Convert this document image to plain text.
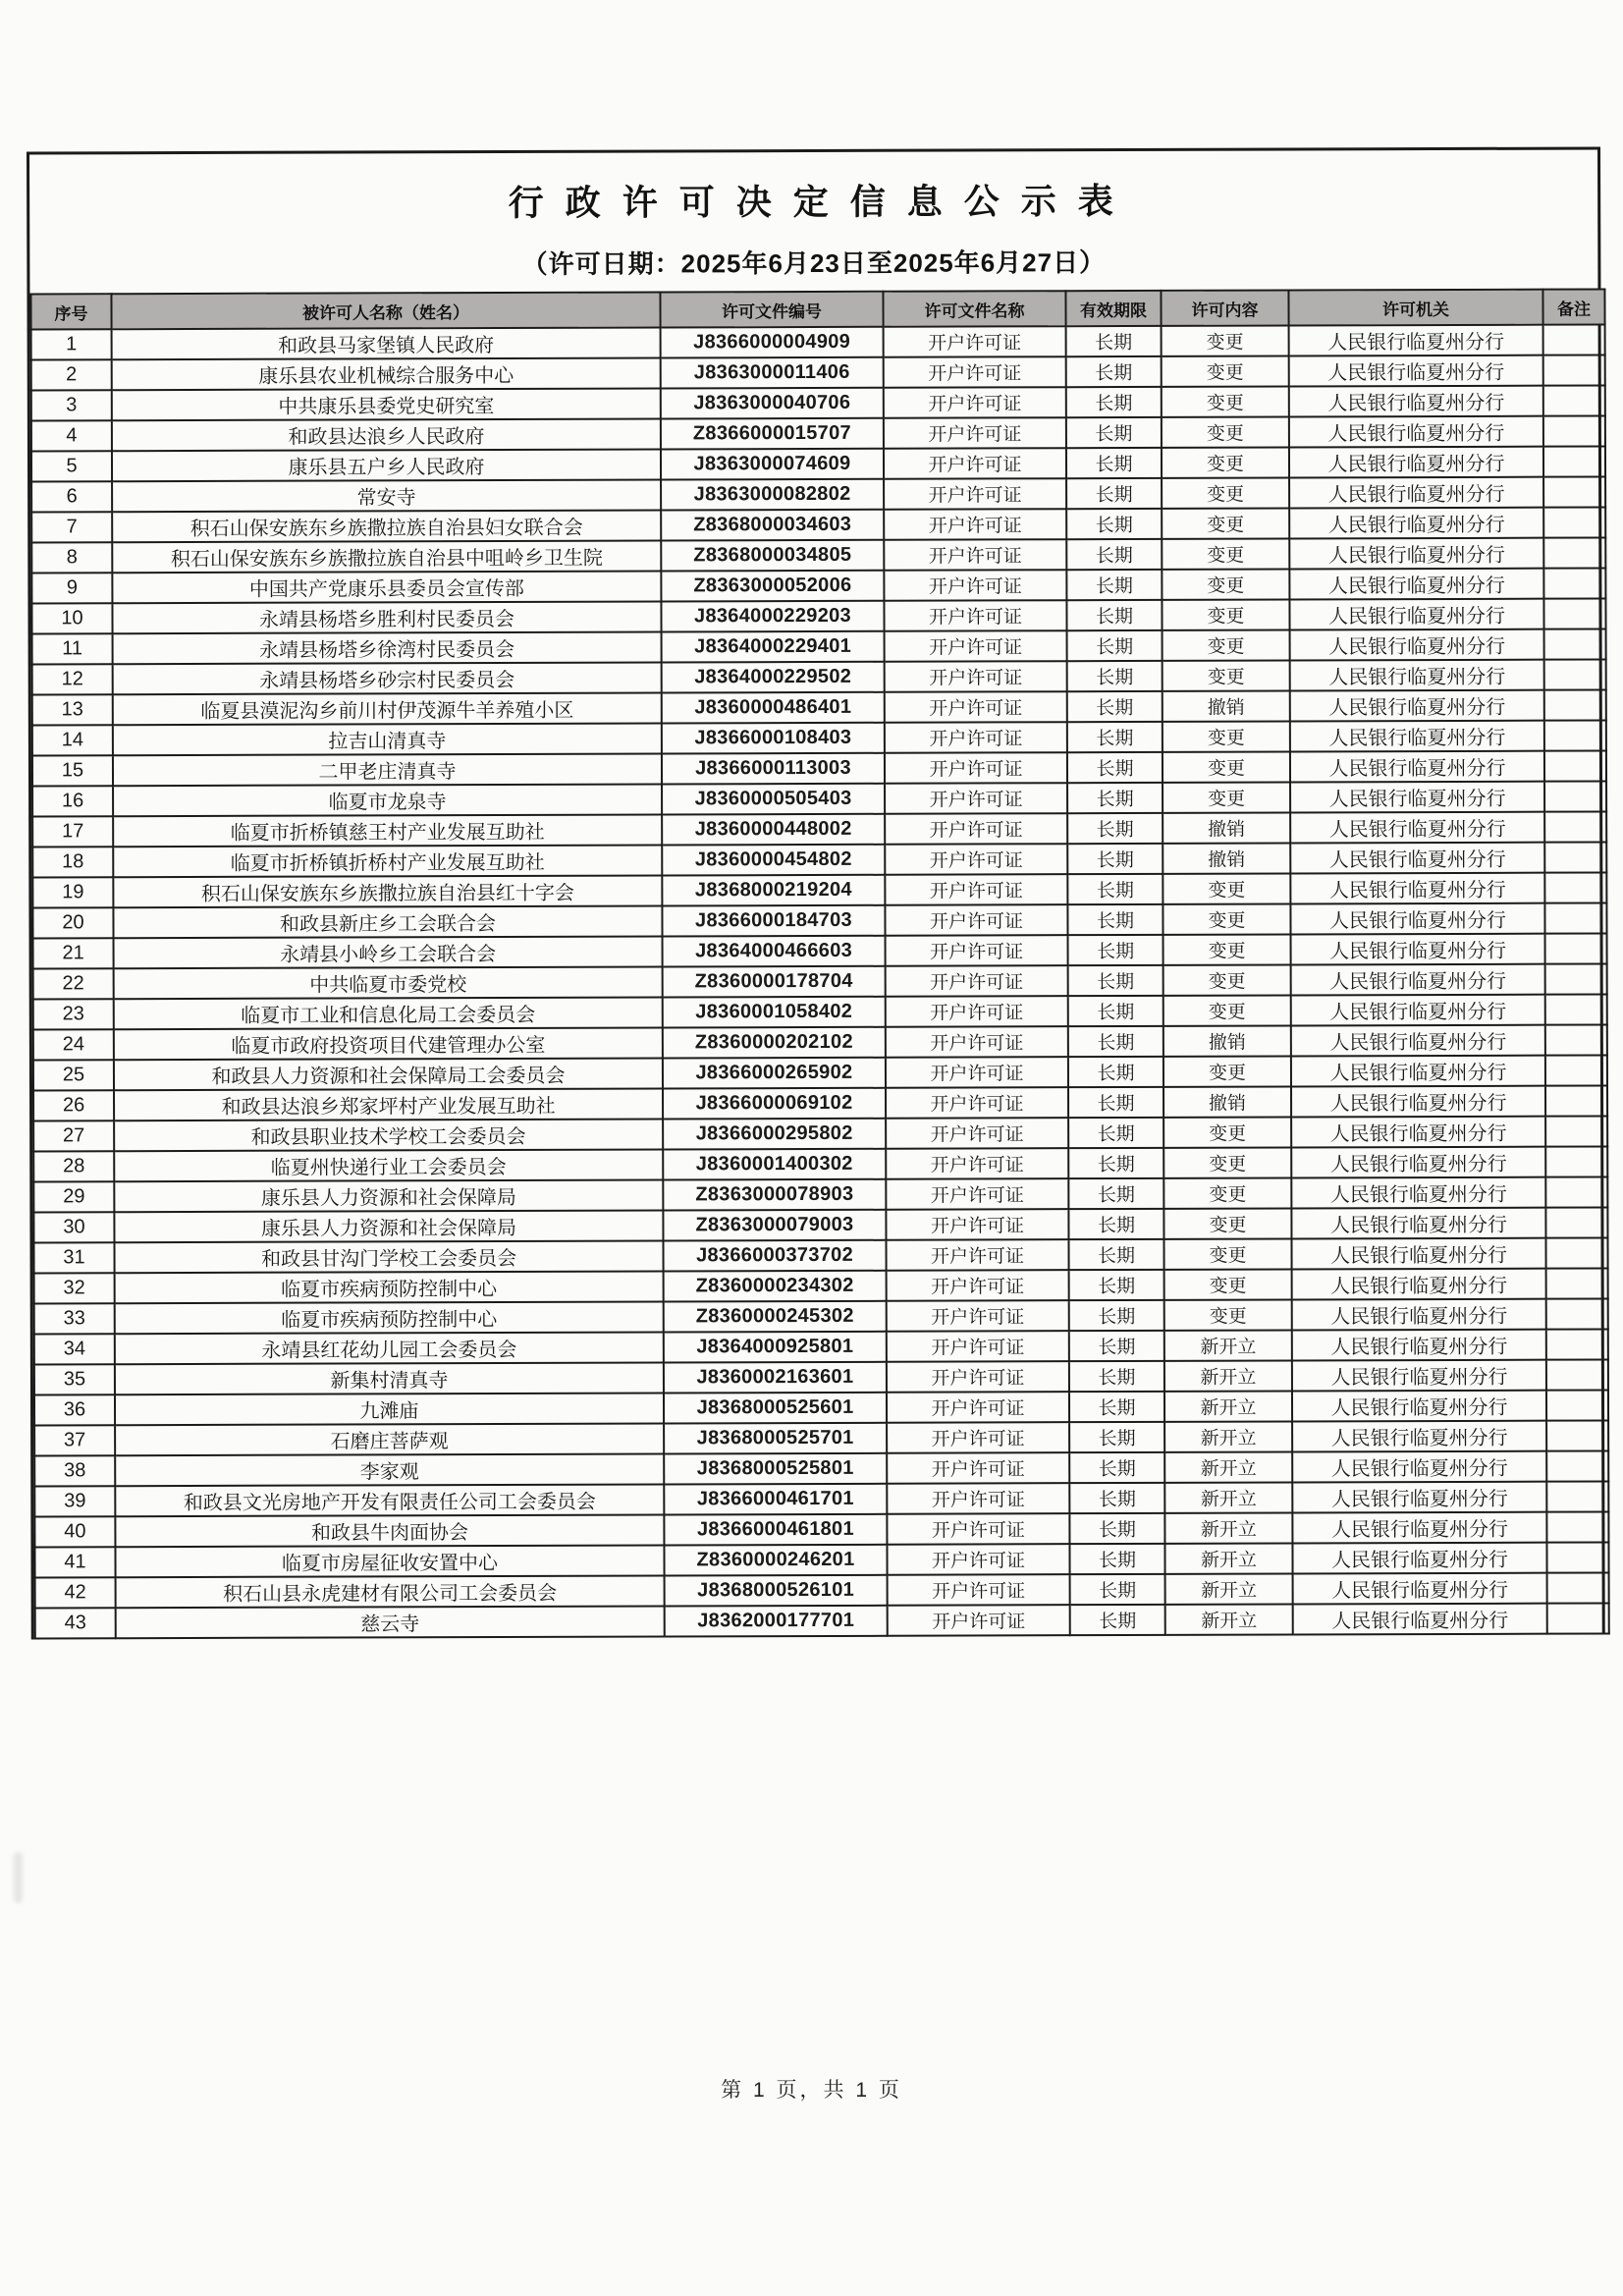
行 政 许 可 决 定 信 息 公 示 表
（许可日期：2025年6月23日至2025年6月27日）
序号	被许可人名称（姓名）	许可文件编号	许可文件名称	有效期限	许可内容	许可机关	备注
1	和政县马家堡镇人民政府	J8366000004909	开户许可证	长期	变更	人民银行临夏州分行	
2	康乐县农业机械综合服务中心	J8363000011406	开户许可证	长期	变更	人民银行临夏州分行	
3	中共康乐县委党史研究室	J8363000040706	开户许可证	长期	变更	人民银行临夏州分行	
4	和政县达浪乡人民政府	Z8366000015707	开户许可证	长期	变更	人民银行临夏州分行	
5	康乐县五户乡人民政府	J8363000074609	开户许可证	长期	变更	人民银行临夏州分行	
6	常安寺	J8363000082802	开户许可证	长期	变更	人民银行临夏州分行	
7	积石山保安族东乡族撒拉族自治县妇女联合会	Z8368000034603	开户许可证	长期	变更	人民银行临夏州分行	
8	积石山保安族东乡族撒拉族自治县中咀岭乡卫生院	Z8368000034805	开户许可证	长期	变更	人民银行临夏州分行	
9	中国共产党康乐县委员会宣传部	Z8363000052006	开户许可证	长期	变更	人民银行临夏州分行	
10	永靖县杨塔乡胜利村民委员会	J8364000229203	开户许可证	长期	变更	人民银行临夏州分行	
11	永靖县杨塔乡徐湾村民委员会	J8364000229401	开户许可证	长期	变更	人民银行临夏州分行	
12	永靖县杨塔乡砂宗村民委员会	J8364000229502	开户许可证	长期	变更	人民银行临夏州分行	
13	临夏县漠泥沟乡前川村伊茂源牛羊养殖小区	J8360000486401	开户许可证	长期	撤销	人民银行临夏州分行	
14	拉吉山清真寺	J8366000108403	开户许可证	长期	变更	人民银行临夏州分行	
15	二甲老庄清真寺	J8366000113003	开户许可证	长期	变更	人民银行临夏州分行	
16	临夏市龙泉寺	J8360000505403	开户许可证	长期	变更	人民银行临夏州分行	
17	临夏市折桥镇慈王村产业发展互助社	J8360000448002	开户许可证	长期	撤销	人民银行临夏州分行	
18	临夏市折桥镇折桥村产业发展互助社	J8360000454802	开户许可证	长期	撤销	人民银行临夏州分行	
19	积石山保安族东乡族撒拉族自治县红十字会	J8368000219204	开户许可证	长期	变更	人民银行临夏州分行	
20	和政县新庄乡工会联合会	J8366000184703	开户许可证	长期	变更	人民银行临夏州分行	
21	永靖县小岭乡工会联合会	J8364000466603	开户许可证	长期	变更	人民银行临夏州分行	
22	中共临夏市委党校	Z8360000178704	开户许可证	长期	变更	人民银行临夏州分行	
23	临夏市工业和信息化局工会委员会	J8360001058402	开户许可证	长期	变更	人民银行临夏州分行	
24	临夏市政府投资项目代建管理办公室	Z8360000202102	开户许可证	长期	撤销	人民银行临夏州分行	
25	和政县人力资源和社会保障局工会委员会	J8366000265902	开户许可证	长期	变更	人民银行临夏州分行	
26	和政县达浪乡郑家坪村产业发展互助社	J8366000069102	开户许可证	长期	撤销	人民银行临夏州分行	
27	和政县职业技术学校工会委员会	J8366000295802	开户许可证	长期	变更	人民银行临夏州分行	
28	临夏州快递行业工会委员会	J8360001400302	开户许可证	长期	变更	人民银行临夏州分行	
29	康乐县人力资源和社会保障局	Z8363000078903	开户许可证	长期	变更	人民银行临夏州分行	
30	康乐县人力资源和社会保障局	Z8363000079003	开户许可证	长期	变更	人民银行临夏州分行	
31	和政县甘沟门学校工会委员会	J8366000373702	开户许可证	长期	变更	人民银行临夏州分行	
32	临夏市疾病预防控制中心	Z8360000234302	开户许可证	长期	变更	人民银行临夏州分行	
33	临夏市疾病预防控制中心	Z8360000245302	开户许可证	长期	变更	人民银行临夏州分行	
34	永靖县红花幼儿园工会委员会	J8364000925801	开户许可证	长期	新开立	人民银行临夏州分行	
35	新集村清真寺	J8360002163601	开户许可证	长期	新开立	人民银行临夏州分行	
36	九滩庙	J8368000525601	开户许可证	长期	新开立	人民银行临夏州分行	
37	石磨庄菩萨观	J8368000525701	开户许可证	长期	新开立	人民银行临夏州分行	
38	李家观	J8368000525801	开户许可证	长期	新开立	人民银行临夏州分行	
39	和政县文光房地产开发有限责任公司工会委员会	J8366000461701	开户许可证	长期	新开立	人民银行临夏州分行	
40	和政县牛肉面协会	J8366000461801	开户许可证	长期	新开立	人民银行临夏州分行	
41	临夏市房屋征收安置中心	Z8360000246201	开户许可证	长期	新开立	人民银行临夏州分行	
42	积石山县永虎建材有限公司工会委员会	J8368000526101	开户许可证	长期	新开立	人民银行临夏州分行	
43	慈云寺	J8362000177701	开户许可证	长期	新开立	人民银行临夏州分行	
第 1 页，共 1 页
